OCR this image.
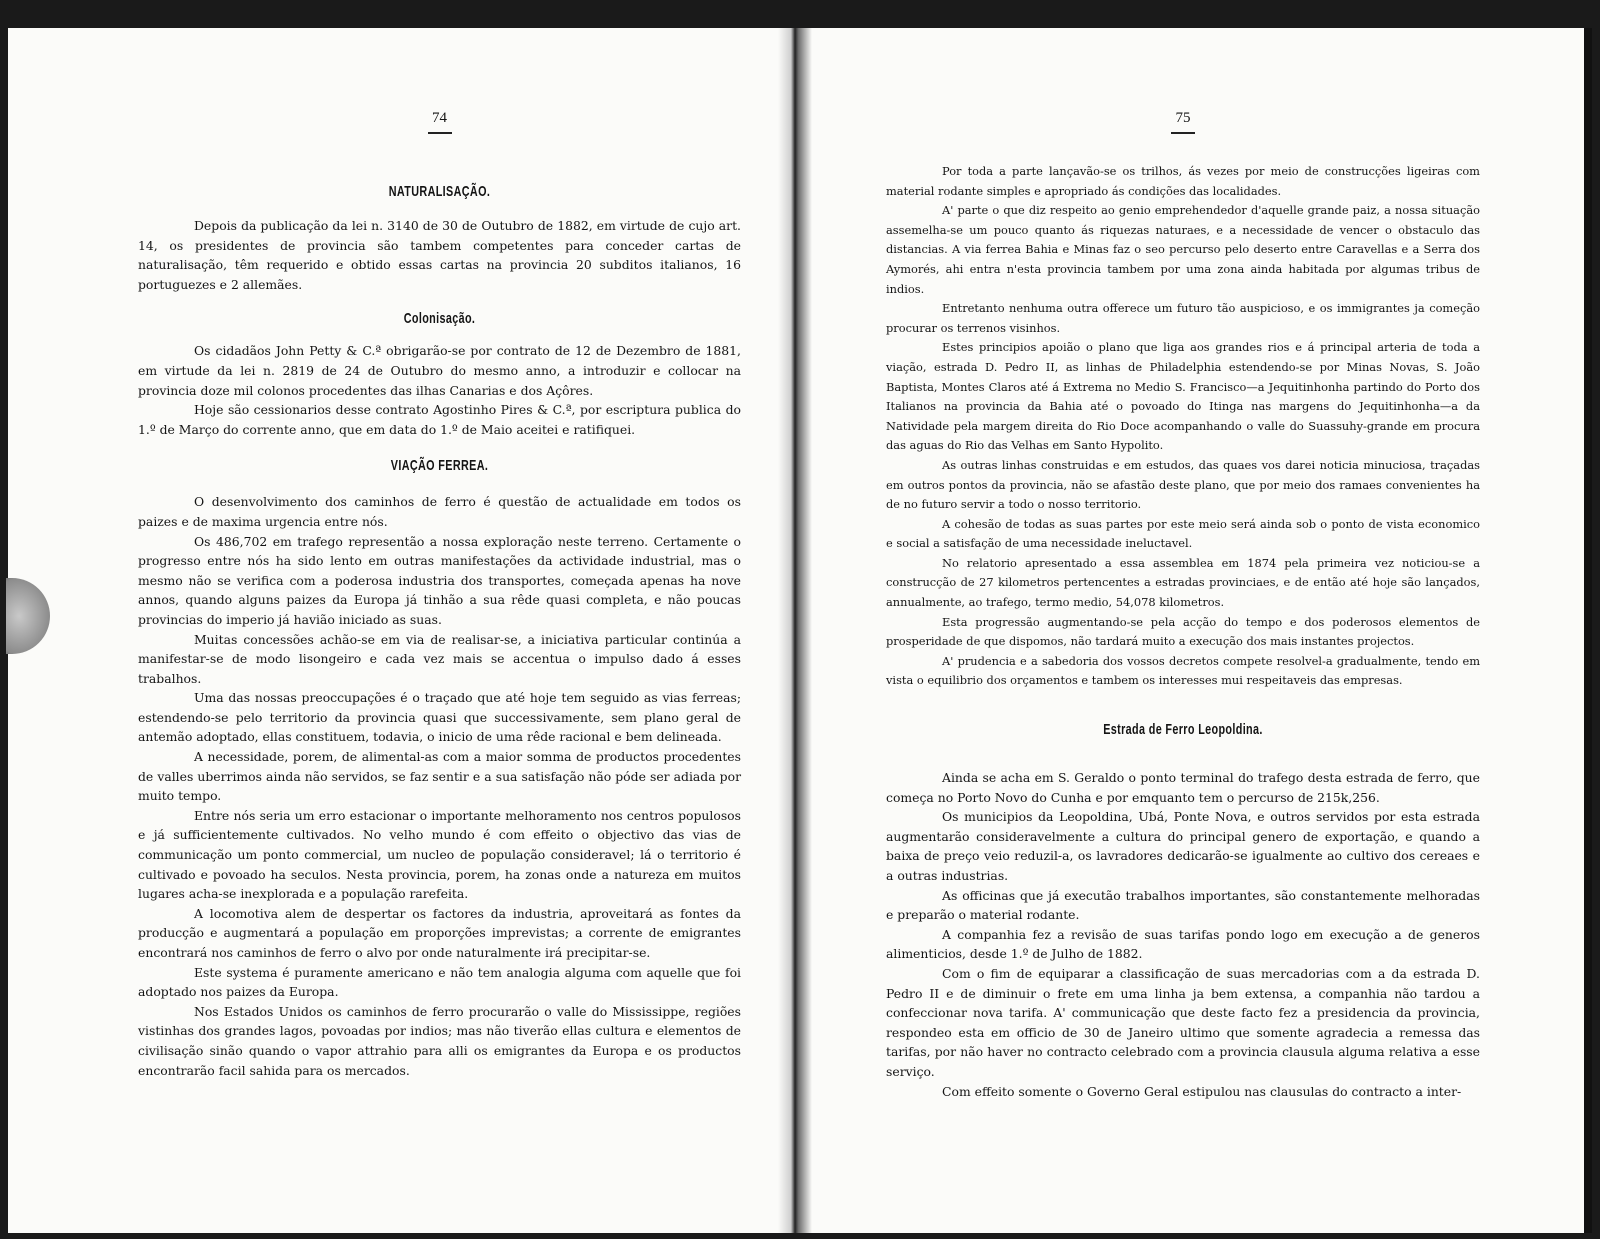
74
NATURALISAÇÃO.

Depois da publicação da lei n. 3140 de 30 de Outubro de 1882, em virtude de cujo art. 14, os presidentes de provincia são tambem competentes para conceder cartas de naturalisação, têm requerido e obtido essas cartas na provincia 20 subditos italianos, 16 portuguezes e 2 allemães.

Colonisação.

Os cidadãos John Petty & C.ª obrigarão-se por contrato de 12 de Dezembro de 1881, em virtude da lei n. 2819 de 24 de Outubro do mesmo anno, a introduzir e collocar na provincia doze mil colonos procedentes das ilhas Canarias e dos Açôres.

Hoje são cessionarios desse contrato Agostinho Pires & C.ª, por escriptura publica do 1.º de Março do corrente anno, que em data do 1.º de Maio aceitei e ratifiquei.

VIAÇÃO FERREA.

O desenvolvimento dos caminhos de ferro é questão de actualidade em todos os paizes e de maxima urgencia entre nós.

Os 486,702 em trafego representão a nossa exploração neste terreno. Certamente o progresso entre nós ha sido lento em outras manifestações da actividade industrial, mas o mesmo não se verifica com a poderosa industria dos transportes, começada apenas ha nove annos, quando alguns paizes da Europa já tinhão a sua rêde quasi completa, e não poucas provincias do imperio já havião iniciado as suas.

Muitas concessões achão-se em via de realisar-se, a iniciativa particular continúa a manifestar-se de modo lisongeiro e cada vez mais se accentua o impulso dado á esses trabalhos.

Uma das nossas preoccupações é o traçado que até hoje tem seguido as vias ferreas; estendendo-se pelo territorio da provincia quasi que successivamente, sem plano geral de antemão adoptado, ellas constituem, todavia, o inicio de uma rêde racional e bem delineada.

A necessidade, porem, de alimental-as com a maior somma de productos procedentes de valles uberrimos ainda não servidos, se faz sentir e a sua satisfação não póde ser adiada por muito tempo.

Entre nós seria um erro estacionar o importante melhoramento nos centros populosos e já sufficientemente cultivados. No velho mundo é com effeito o objectivo das vias de communicação um ponto commercial, um nucleo de população consideravel; lá o territorio é cultivado e povoado ha seculos. Nesta provincia, porem, ha zonas onde a natureza em muitos lugares acha-se inexplorada e a população rarefeita.

A locomotiva alem de despertar os factores da industria, aproveitará as fontes da producção e augmentará a população em proporções imprevistas; a corrente de emigrantes encontrará nos caminhos de ferro o alvo por onde naturalmente irá precipitar-se.

Este systema é puramente americano e não tem analogia alguma com aquelle que foi adoptado nos paizes da Europa.

Nos Estados Unidos os caminhos de ferro procurarão o valle do Mississippe, regiões vistinhas dos grandes lagos, povoadas por indios; mas não tiverão ellas cultura e elementos de civilisação sinão quando o vapor attrahio para alli os emigrantes da Europa e os productos encontrarão facil sahida para os mercados.

75

Por toda a parte lançavão-se os trilhos, ás vezes por meio de construcções ligeiras com material rodante simples e apropriado ás condições das localidades.

A' parte o que diz respeito ao genio emprehendedor d'aquelle grande paiz, a nossa situação assemelha-se um pouco quanto ás riquezas naturaes, e a necessidade de vencer o obstaculo das distancias. A via ferrea Bahia e Minas faz o seo percurso pelo deserto entre Caravellas e a Serra dos Aymorés, ahi entra n'esta provincia tambem por uma zona ainda habitada por algumas tribus de indios.

Entretanto nenhuma outra offerece um futuro tão auspicioso, e os immigrantes ja começão procurar os terrenos visinhos.

Estes principios apoião o plano que liga aos grandes rios e á principal arteria de toda a viação, estrada D. Pedro II, as linhas de Philadelphia estendendo-se por Minas Novas, S. João Baptista, Montes Claros até á Extrema no Medio S. Francisco—a Jequitinhonha partindo do Porto dos Italianos na provincia da Bahia até o povoado do Itinga nas margens do Jequitinhonha—a da Natividade pela margem direita do Rio Doce acompanhando o valle do Suassuhy-grande em procura das aguas do Rio das Velhas em Santo Hypolito.

As outras linhas construidas e em estudos, das quaes vos darei noticia minuciosa, traçadas em outros pontos da provincia, não se afastão deste plano, que por meio dos ramaes convenientes ha de no futuro servir a todo o nosso territorio.

A cohesão de todas as suas partes por este meio será ainda sob o ponto de vista economico e social a satisfação de uma necessidade ineluctavel.

No relatorio apresentado a essa assemblea em 1874 pela primeira vez noticiou-se a construcção de 27 kilometros pertencentes a estradas provinciaes, e de então até hoje são lançados, annualmente, ao trafego, termo medio, 54,078 kilometros.

Esta progressão augmentando-se pela acção do tempo e dos poderosos elementos de prosperidade de que dispomos, não tardará muito a execução dos mais instantes projectos.

A' prudencia e a sabedoria dos vossos decretos compete resolvel-a gradualmente, tendo em vista o equilibrio dos orçamentos e tambem os interesses mui respeitaveis das empresas.

Estrada de Ferro Leopoldina.

Ainda se acha em S. Geraldo o ponto terminal do trafego desta estrada de ferro, que começa no Porto Novo do Cunha e por emquanto tem o percurso de 215k,256.

Os municipios da Leopoldina, Ubá, Ponte Nova, e outros servidos por esta estrada augmentarão consideravelmente a cultura do principal genero de exportação, e quando a baixa de preço veio reduzil-a, os lavradores dedicarão-se igualmente ao cultivo dos cereaes e a outras industrias.

As officinas que já executão trabalhos importantes, são constantemente melhoradas e preparão o material rodante.

A companhia fez a revisão de suas tarifas pondo logo em execução a de generos alimenticios, desde 1.º de Julho de 1882.

Com o fim de equiparar a classificação de suas mercadorias com a da estrada D. Pedro II e de diminuir o frete em uma linha ja bem extensa, a companhia não tardou a confeccionar nova tarifa. A' communicação que deste facto fez a presidencia da provincia, respondeo esta em officio de 30 de Janeiro ultimo que somente agradecia a remessa das tarifas, por não haver no contracto celebrado com a provincia clausula alguma relativa a esse serviço.

Com effeito somente o Governo Geral estipulou nas clausulas do contracto a inter-
